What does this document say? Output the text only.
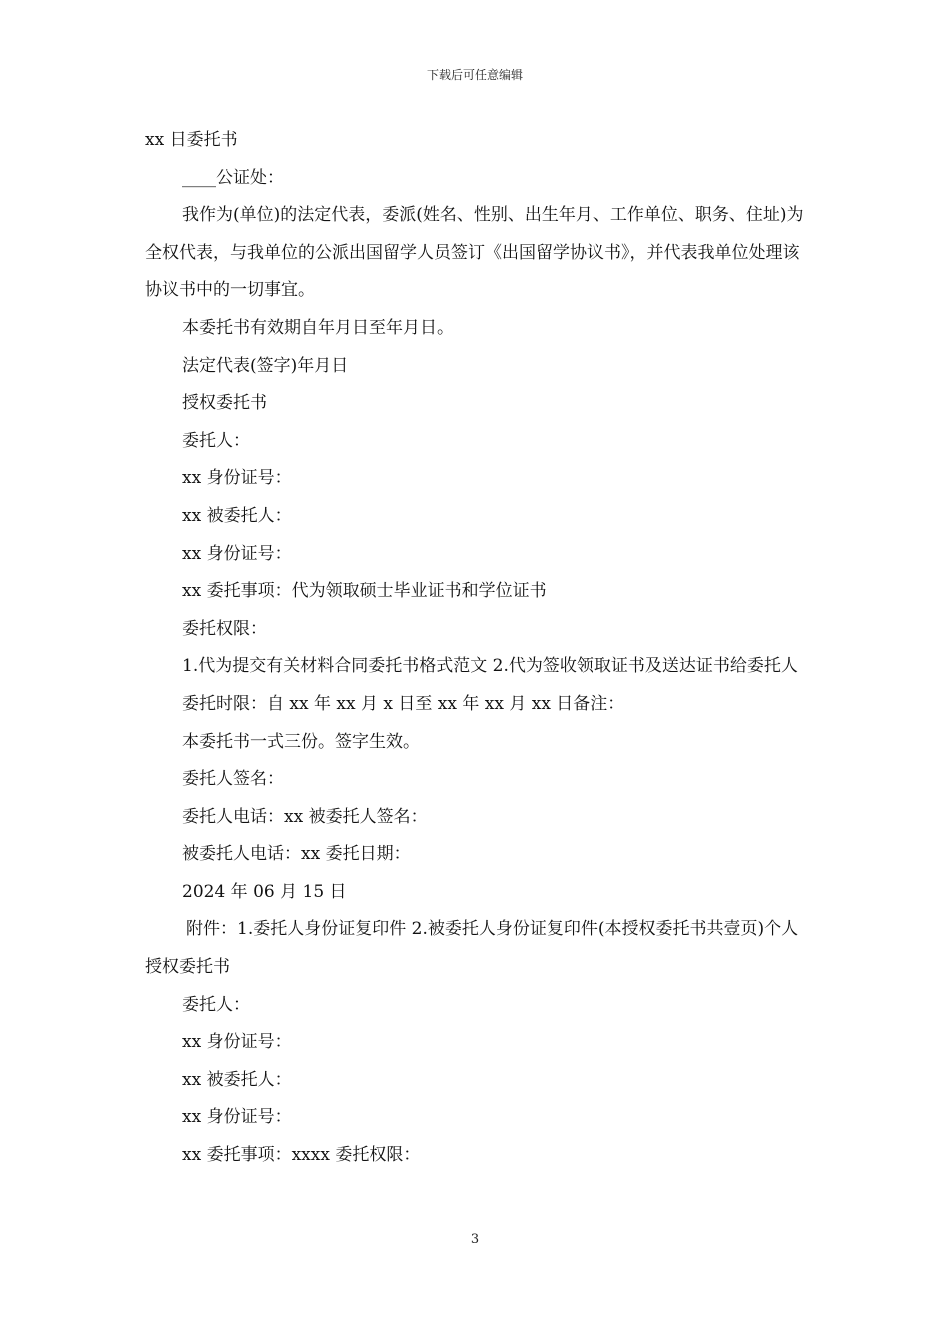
下载后可任意编辑

xx 日委托书

____公证处：

我作为(单位)的法定代表，委派(姓名、性别、出生年月、工作单位、职务、住址)为全权代表，与我单位的公派出国留学人员签订《出国留学协议书》，并代表我单位处理该协议书中的一切事宜。

本委托书有效期自年月日至年月日。

法定代表(签字)年月日

授权委托书

委托人：

xx 身份证号：

xx 被委托人：

xx 身份证号：

xx 委托事项：代为领取硕士毕业证书和学位证书

委托权限：

1.代为提交有关材料合同委托书格式范文 2.代为签收领取证书及送达证书给委托人

委托时限：自 xx 年 xx 月 x 日至 xx 年 xx 月 xx 日备注：

本委托书一式三份。签字生效。

委托人签名：

委托人电话：xx 被委托人签名：

被委托人电话：xx 委托日期：

2024 年 06 月 15 日

附件：1.委托人身份证复印件 2.被委托人身份证复印件(本授权委托书共壹页)个人授权委托书

委托人：

xx 身份证号：

xx 被委托人：

xx 身份证号：

xx 委托事项：xxxx 委托权限：

3
